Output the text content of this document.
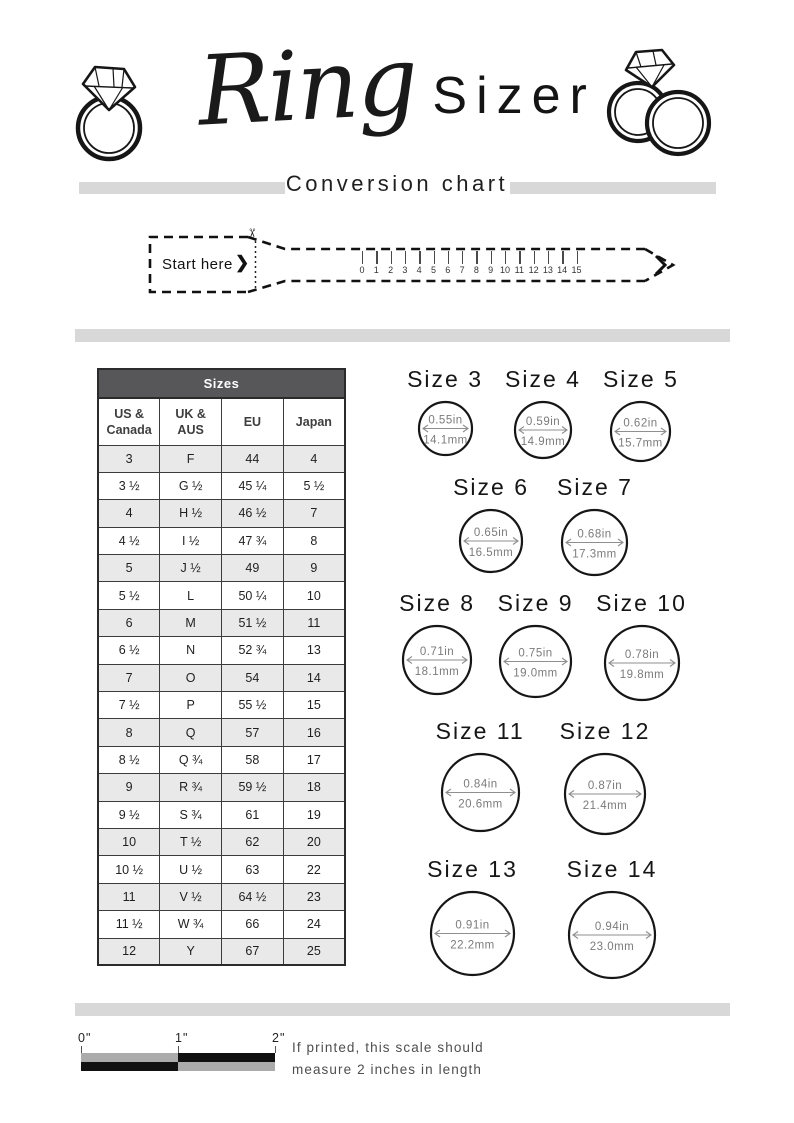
Ring Sizer
Conversion chart
✂
Start here ❯	0	1	2	3	4	5	6	7	8	9 10 11 12 13 14 15
Sizes
US & Canada	UK & AUS	EU	Japan
3	F	44	4
3 ½	G ½	45 ¼	5 ½
4	H ½	46 ½	7
4 ½	I ½	47 ¾	8
5	J ½	49	9
5 ½	L	50 ¼	10
6	M	51 ½	11
6 ½	N	52 ¾	13
7	O	54	14
7 ½	P	55 ½	15
8	Q	57	16
8 ½	Q ¾	58	17
9	R ¾	59 ½	18
9 ½	S ¾	61	19
10	T ½	62	20
10 ½	U ½	63	22
11	V ½	64 ½	23
11 ½	W ¾	66	24
12	Y	67	25
Size 3
0.55in
14.1mm
Size 4
0.59in
14.9mm
Size 5
0.62in
15.7mm
Size 6
0.65in
16.5mm
Size 7
0.68in
17.3mm
Size 8
0.71in
18.1mm
Size 9
0.75in
19.0mm
Size 10
0.78in
19.8mm
Size 11
0.84in
20.6mm
Size 12
0.87in
21.4mm
Size 13
0.91in
22.2mm
Size 14
0.94in
23.0mm
0"	1"	2"
If printed, this scale should
measure 2 inches in length
